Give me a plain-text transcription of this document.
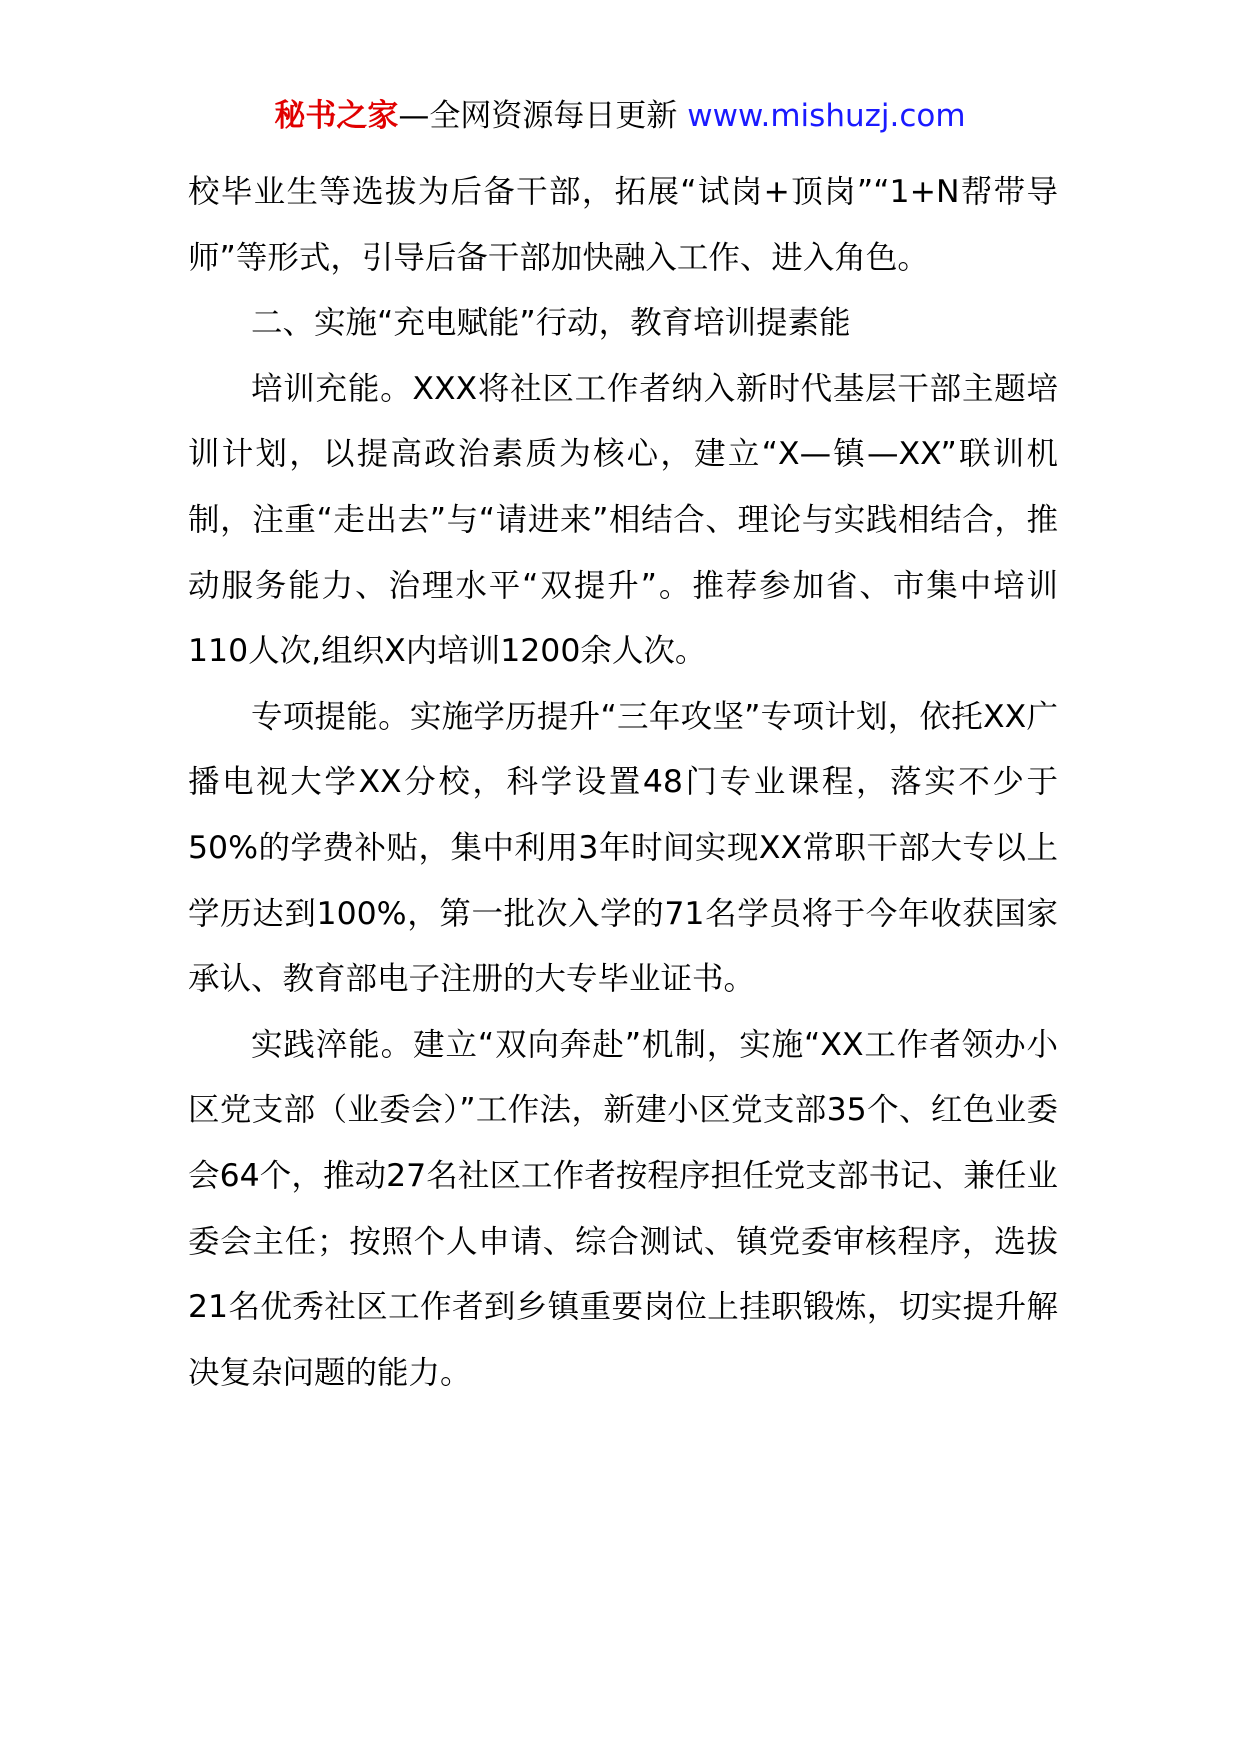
秘书之家—全网资源每日更新 www.mishuzj.com

校毕业生等选拔为后备干部，拓展“试岗+顶岗”“1+N帮带导师”等形式，引导后备干部加快融入工作、进入角色。

二、实施“充电赋能”行动，教育培训提素能

培训充能。XXX将社区工作者纳入新时代基层干部主题培训计划，以提高政治素质为核心，建立“X—镇—XX”联训机制，注重“走出去”与“请进来”相结合、理论与实践相结合，推动服务能力、治理水平“双提升”。推荐参加省、市集中培训110人次,组织X内培训1200余人次。

专项提能。实施学历提升“三年攻坚”专项计划，依托XX广播电视大学XX分校，科学设置48门专业课程，落实不少于50%的学费补贴，集中利用3年时间实现XX常职干部大专以上学历达到100%，第一批次入学的71名学员将于今年收获国家承认、教育部电子注册的大专毕业证书。

实践淬能。建立“双向奔赴”机制，实施“XX工作者领办小区党支部（业委会）”工作法，新建小区党支部35个、红色业委会64个，推动27名社区工作者按程序担任党支部书记、兼任业委会主任；按照个人申请、综合测试、镇党委审核程序，选拔21名优秀社区工作者到乡镇重要岗位上挂职锻炼，切实提升解决复杂问题的能力。
